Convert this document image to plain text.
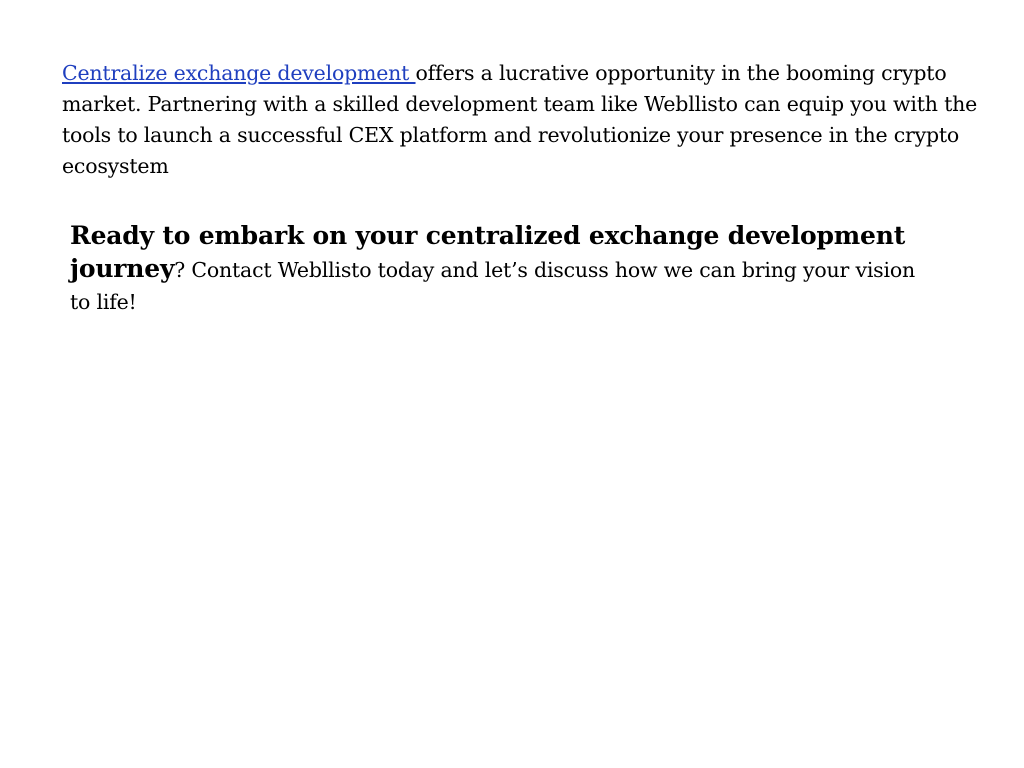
Centralize exchange development offers a lucrative opportunity in the booming crypto market. Partnering with a skilled development team like Webllisto can equip you with the tools to launch a successful CEX platform and revolutionize your presence in the crypto ecosystem

Ready to embark on your centralized exchange development journey? Contact Webllisto today and let’s discuss how we can bring your vision to life!
